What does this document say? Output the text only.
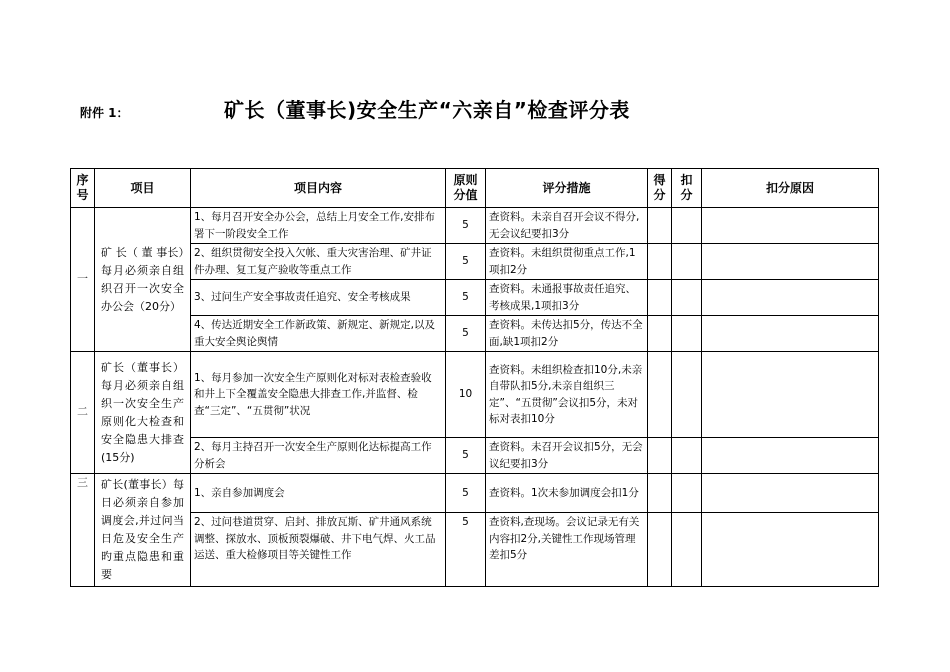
附件 1：	矿长（董事长)安全生产“六亲自”检查评分表
序号	项目	项目内容	原则分值	评分措施	得分	扣分	扣分原因
一	矿 长（ 董 事长）每月必须亲自组织召开一次安全办公会（20分）	1、每月召开安全办公会，总结上月安全工作,安排布署下一阶段安全工作	5	查资料。未亲自召开会议不得分,无会议纪要扣3分			
		2、组织贯彻安全投入欠帐、重大灾害治理、矿井证件办理、复工复产验收等重点工作	5	查资料。未组织贯彻重点工作,1项扣2分			
		3、过问生产安全事故责任追究、安全考核成果	5	查资料。未通报事故责任追究、考核成果,1项扣3分			
		4、传达近期安全工作新政策、新规定、新规定,以及重大安全舆论舆情	5	查资料。未传达扣5分，传达不全面,缺1项扣2分			
二	矿长（董事长）每月必须亲自组织一次安全生产原则化大检查和安全隐患大排查(15分)	1、每月参加一次安全生产原则化对标对表检查验收和井上下全覆盖安全隐患大排查工作,并监督、检查“三定”、“五贯彻”状况	10	查资料。未组织检查扣10分,未亲自带队扣5分,未亲自组织三定”、“五贯彻”会议扣5分，未对标对表扣10分			
		2、每月主持召开一次安全生产原则化达标提高工作分析会	5	查资料。未召开会议扣5分，无会议纪要扣3分			
三	矿长(董事长）每日必须亲自参加调度会,并过问当日危及安全生产旳重点隐患和重要	1、亲自参加调度会	5	查资料。1次未参加调度会扣1分			
		2、过问巷道贯穿、启封、排放瓦斯、矿井通风系统调整、探放水、顶板预裂爆破、井下电气焊、火工品运送、重大检修项目等关键性工作	5	查资料,查现场。会议记录无有关内容扣2分,关键性工作现场管理差扣5分			
